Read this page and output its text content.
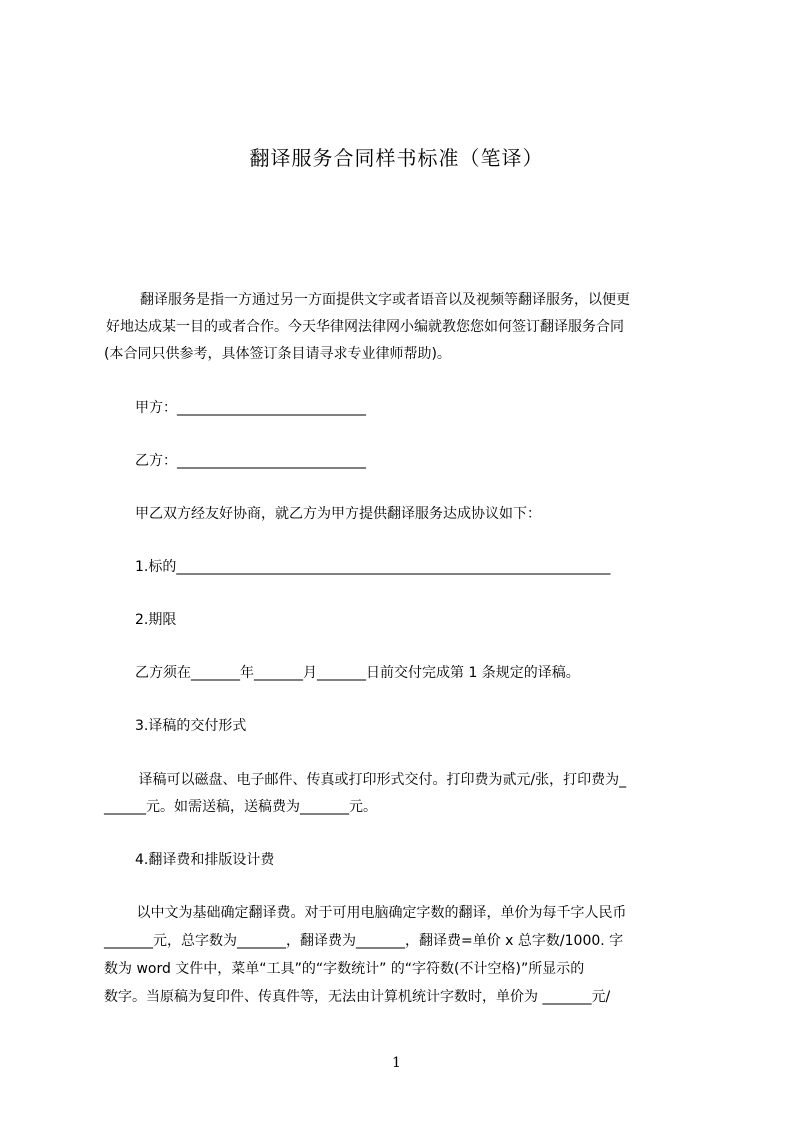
翻译服务合同样书标准（笔译）
翻译服务是指一方通过另一方面提供文字或者语音以及视频等翻译服务，以便更
好地达成某一目的或者合作。今天华律网法律网小编就教您您如何签订翻译服务合同
(本合同只供参考，具体签订条目请寻求专业律师帮助)。
甲方：___________________________
乙方：___________________________
甲乙双方经友好协商，就乙方为甲方提供翻译服务达成协议如下：
1.标的______________________________________________________________
2.期限
乙方须在_______年_______月_______日前交付完成第 1 条规定的译稿。
3.译稿的交付形式
译稿可以磁盘、电子邮件、传真或打印形式交付。打印费为贰元/张，打印费为_
______元。如需送稿，送稿费为_______元。
4.翻译费和排版设计费
以中文为基础确定翻译费。对于可用电脑确定字数的翻译，单价为每千字人民币
_______元，总字数为_______，翻译费为_______，翻译费=单价 x 总字数/1000. 字
数为 word 文件中，菜单“工具”的“字数统计” 的“字符数(不计空格)”所显示的
数字。当原稿为复印件、传真件等，无法由计算机统计字数时，单价为 _______元/
1
